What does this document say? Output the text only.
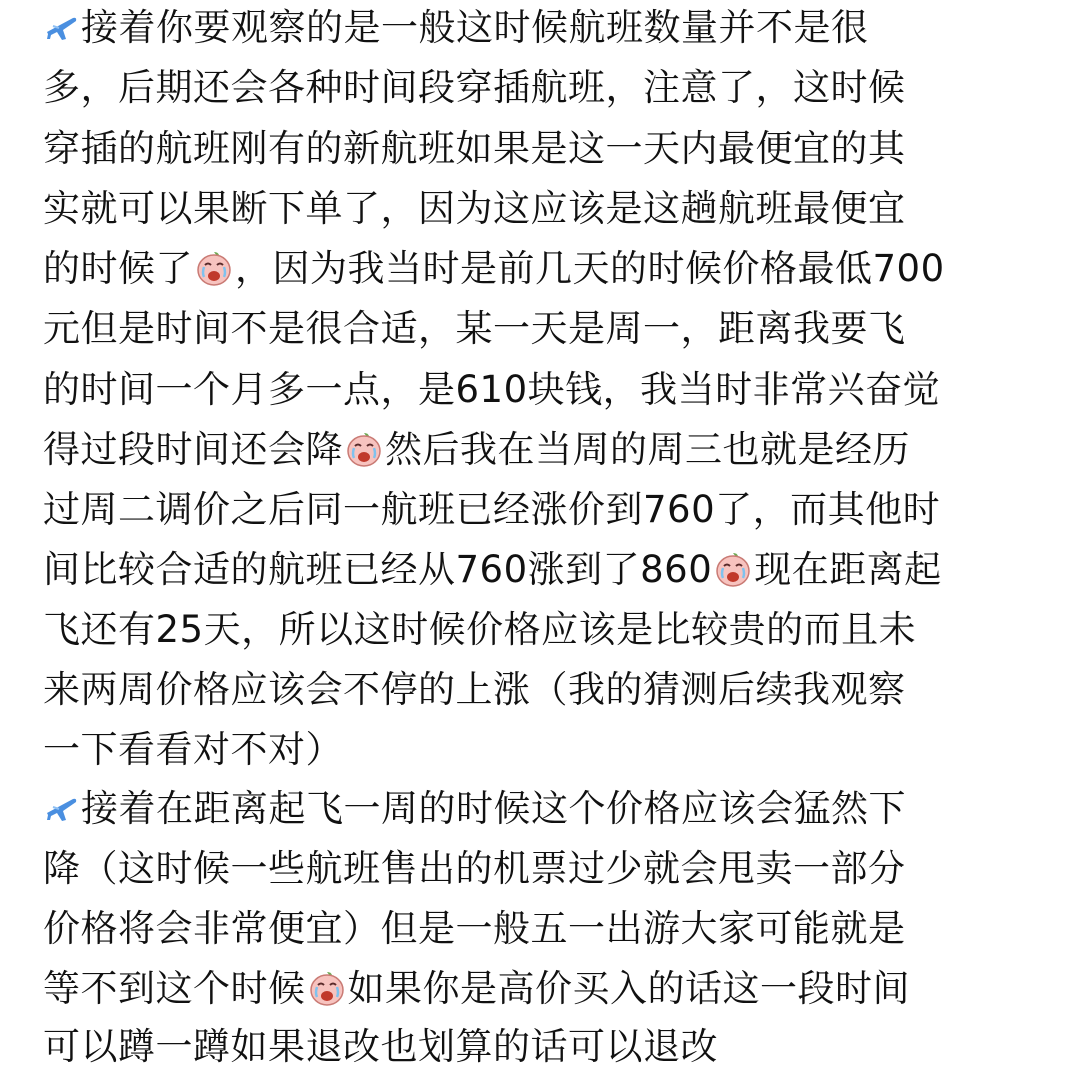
接着你要观察的是一般这时候航班数量并不是很
多，后期还会各种时间段穿插航班，注意了，这时候
穿插的航班刚有的新航班如果是这一天内最便宜的其
实就可以果断下单了，因为这应该是这趟航班最便宜
的时候了 ，因为我当时是前几天的时候价格最低700
元但是时间不是很合适，某一天是周一，距离我要飞
的时间一个月多一点，是610块钱，我当时非常兴奋觉
得过段时间还会降 然后我在当周的周三也就是经历
过周二调价之后同一航班已经涨价到760了，而其他时
间比较合适的航班已经从760涨到了860 现在距离起
飞还有25天，所以这时候价格应该是比较贵的而且未
来两周价格应该会不停的上涨（我的猜测后续我观察
一下看看对不对）
接着在距离起飞一周的时候这个价格应该会猛然下
降（这时候一些航班售出的机票过少就会甩卖一部分
价格将会非常便宜）但是一般五一出游大家可能就是
等不到这个时候 如果你是高价买入的话这一段时间
可以蹲一蹲如果退改也划算的话可以退改
